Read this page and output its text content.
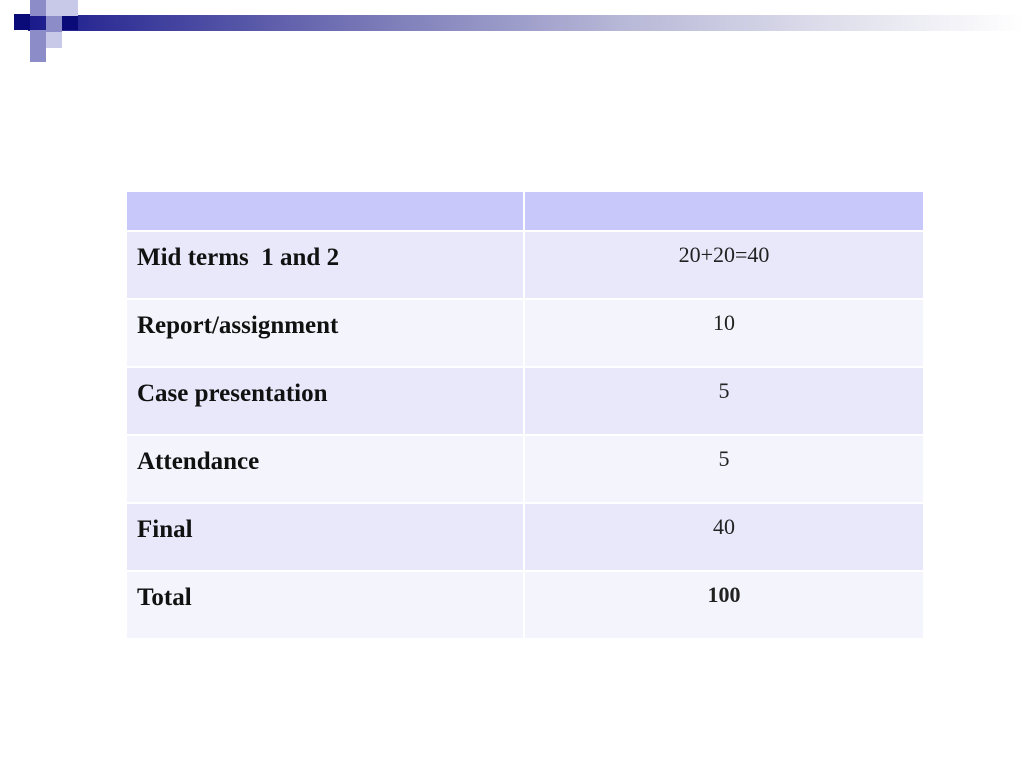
Mid terms  1 and 2	20+20=40

Report/assignment	10

Case presentation	5

Attendance	5

Final	40

Total	100
